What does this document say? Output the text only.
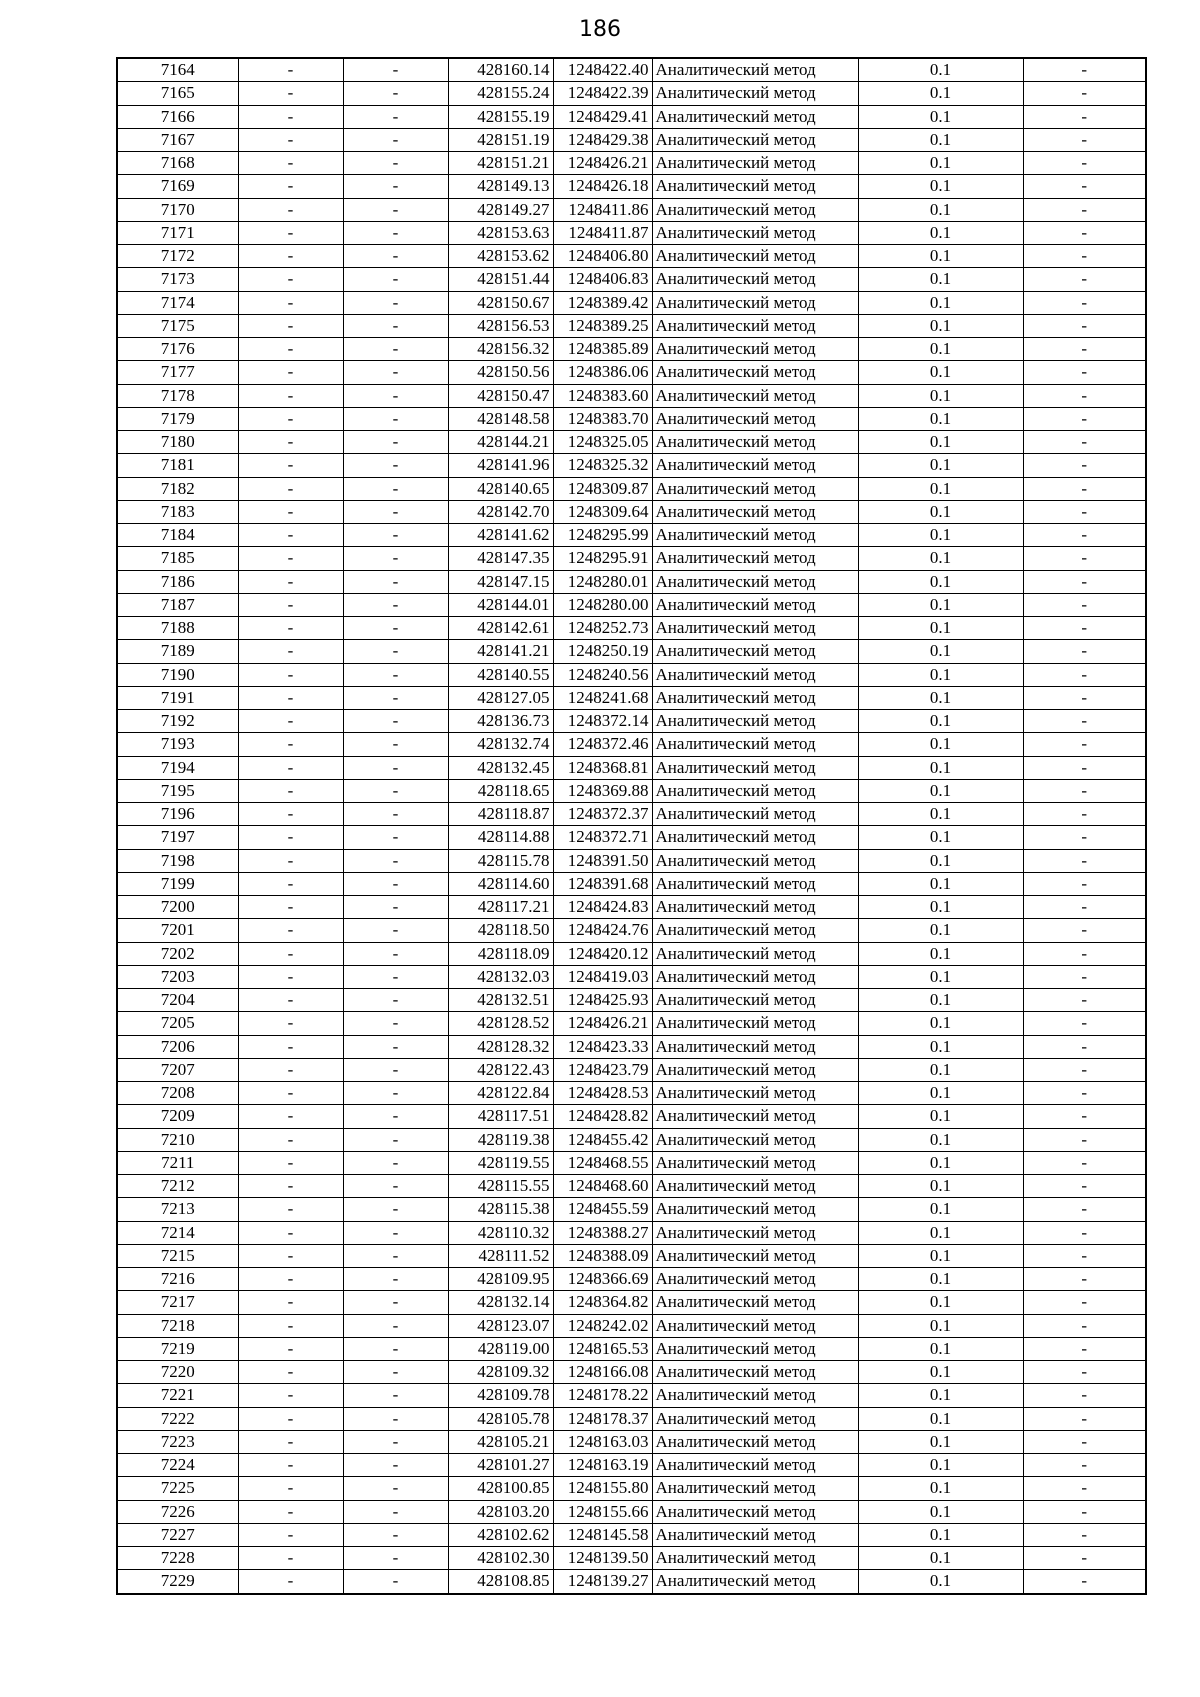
186
7164	-	-	428160.14	1248422.40	Аналитический метод	0.1	-
7165	-	-	428155.24	1248422.39	Аналитический метод	0.1	-
7166	-	-	428155.19	1248429.41	Аналитический метод	0.1	-
7167	-	-	428151.19	1248429.38	Аналитический метод	0.1	-
7168	-	-	428151.21	1248426.21	Аналитический метод	0.1	-
7169	-	-	428149.13	1248426.18	Аналитический метод	0.1	-
7170	-	-	428149.27	1248411.86	Аналитический метод	0.1	-
7171	-	-	428153.63	1248411.87	Аналитический метод	0.1	-
7172	-	-	428153.62	1248406.80	Аналитический метод	0.1	-
7173	-	-	428151.44	1248406.83	Аналитический метод	0.1	-
7174	-	-	428150.67	1248389.42	Аналитический метод	0.1	-
7175	-	-	428156.53	1248389.25	Аналитический метод	0.1	-
7176	-	-	428156.32	1248385.89	Аналитический метод	0.1	-
7177	-	-	428150.56	1248386.06	Аналитический метод	0.1	-
7178	-	-	428150.47	1248383.60	Аналитический метод	0.1	-
7179	-	-	428148.58	1248383.70	Аналитический метод	0.1	-
7180	-	-	428144.21	1248325.05	Аналитический метод	0.1	-
7181	-	-	428141.96	1248325.32	Аналитический метод	0.1	-
7182	-	-	428140.65	1248309.87	Аналитический метод	0.1	-
7183	-	-	428142.70	1248309.64	Аналитический метод	0.1	-
7184	-	-	428141.62	1248295.99	Аналитический метод	0.1	-
7185	-	-	428147.35	1248295.91	Аналитический метод	0.1	-
7186	-	-	428147.15	1248280.01	Аналитический метод	0.1	-
7187	-	-	428144.01	1248280.00	Аналитический метод	0.1	-
7188	-	-	428142.61	1248252.73	Аналитический метод	0.1	-
7189	-	-	428141.21	1248250.19	Аналитический метод	0.1	-
7190	-	-	428140.55	1248240.56	Аналитический метод	0.1	-
7191	-	-	428127.05	1248241.68	Аналитический метод	0.1	-
7192	-	-	428136.73	1248372.14	Аналитический метод	0.1	-
7193	-	-	428132.74	1248372.46	Аналитический метод	0.1	-
7194	-	-	428132.45	1248368.81	Аналитический метод	0.1	-
7195	-	-	428118.65	1248369.88	Аналитический метод	0.1	-
7196	-	-	428118.87	1248372.37	Аналитический метод	0.1	-
7197	-	-	428114.88	1248372.71	Аналитический метод	0.1	-
7198	-	-	428115.78	1248391.50	Аналитический метод	0.1	-
7199	-	-	428114.60	1248391.68	Аналитический метод	0.1	-
7200	-	-	428117.21	1248424.83	Аналитический метод	0.1	-
7201	-	-	428118.50	1248424.76	Аналитический метод	0.1	-
7202	-	-	428118.09	1248420.12	Аналитический метод	0.1	-
7203	-	-	428132.03	1248419.03	Аналитический метод	0.1	-
7204	-	-	428132.51	1248425.93	Аналитический метод	0.1	-
7205	-	-	428128.52	1248426.21	Аналитический метод	0.1	-
7206	-	-	428128.32	1248423.33	Аналитический метод	0.1	-
7207	-	-	428122.43	1248423.79	Аналитический метод	0.1	-
7208	-	-	428122.84	1248428.53	Аналитический метод	0.1	-
7209	-	-	428117.51	1248428.82	Аналитический метод	0.1	-
7210	-	-	428119.38	1248455.42	Аналитический метод	0.1	-
7211	-	-	428119.55	1248468.55	Аналитический метод	0.1	-
7212	-	-	428115.55	1248468.60	Аналитический метод	0.1	-
7213	-	-	428115.38	1248455.59	Аналитический метод	0.1	-
7214	-	-	428110.32	1248388.27	Аналитический метод	0.1	-
7215	-	-	428111.52	1248388.09	Аналитический метод	0.1	-
7216	-	-	428109.95	1248366.69	Аналитический метод	0.1	-
7217	-	-	428132.14	1248364.82	Аналитический метод	0.1	-
7218	-	-	428123.07	1248242.02	Аналитический метод	0.1	-
7219	-	-	428119.00	1248165.53	Аналитический метод	0.1	-
7220	-	-	428109.32	1248166.08	Аналитический метод	0.1	-
7221	-	-	428109.78	1248178.22	Аналитический метод	0.1	-
7222	-	-	428105.78	1248178.37	Аналитический метод	0.1	-
7223	-	-	428105.21	1248163.03	Аналитический метод	0.1	-
7224	-	-	428101.27	1248163.19	Аналитический метод	0.1	-
7225	-	-	428100.85	1248155.80	Аналитический метод	0.1	-
7226	-	-	428103.20	1248155.66	Аналитический метод	0.1	-
7227	-	-	428102.62	1248145.58	Аналитический метод	0.1	-
7228	-	-	428102.30	1248139.50	Аналитический метод	0.1	-
7229	-	-	428108.85	1248139.27	Аналитический метод	0.1	-
